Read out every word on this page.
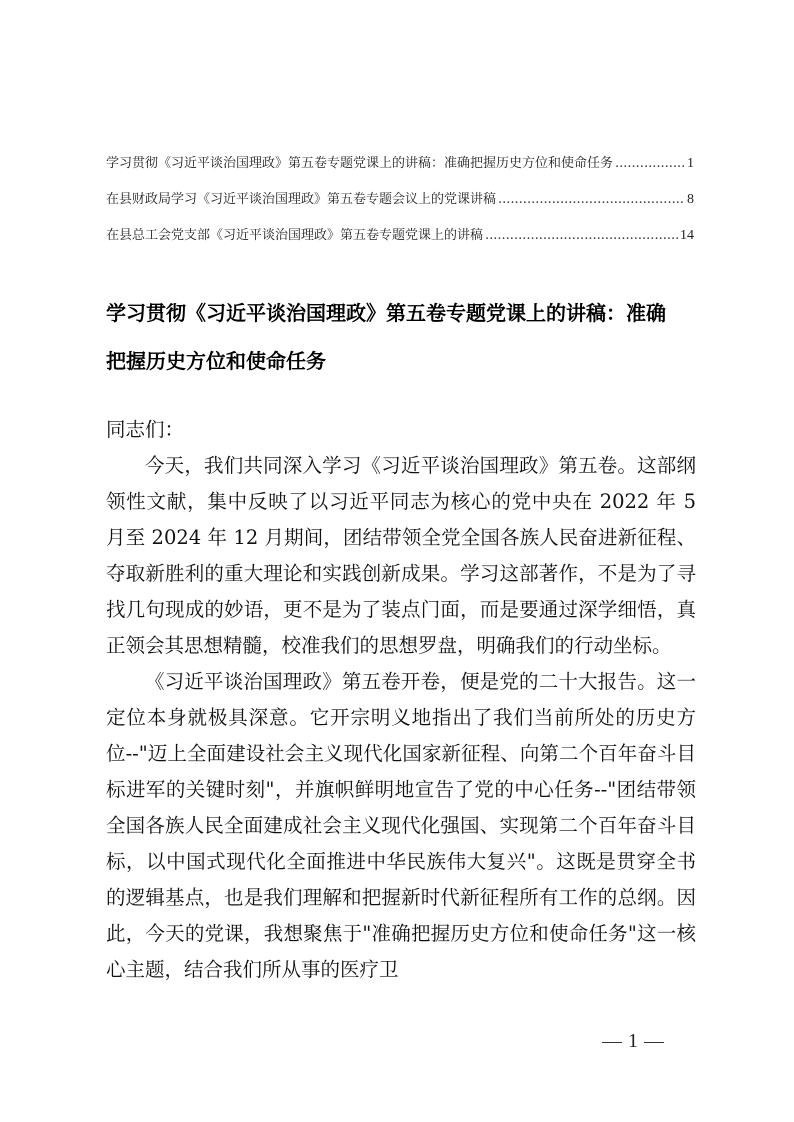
学习贯彻《习近平谈治国理政》第五卷专题党课上的讲稿：准确把握历史方位和使命任务 .....	1
在县财政局学习《习近平谈治国理政》第五卷专题会议上的党课讲稿 .....	8
在县总工会党支部《习近平谈治国理政》第五卷专题党课上的讲稿 .....	14
学习贯彻《习近平谈治国理政》第五卷专题党课上的讲稿：准确
把握历史方位和使命任务
同志们：

今天，我们共同深入学习《习近平谈治国理政》第五卷。这部纲领性文献，集中反映了以习近平同志为核心的党中央在 2022 年 5 月至 2024 年 12 月期间，团结带领全党全国各族人民奋进新征程、夺取新胜利的重大理论和实践创新成果。学习这部著作，不是为了寻找几句现成的妙语，更不是为了装点门面，而是要通过深学细悟，真正领会其思想精髓，校准我们的思想罗盘，明确我们的行动坐标。

《习近平谈治国理政》第五卷开卷，便是党的二十大报告。这一定位本身就极具深意。它开宗明义地指出了我们当前所处的历史方位--"迈上全面建设社会主义现代化国家新征程、向第二个百年奋斗目标进军的关键时刻"，并旗帜鲜明地宣告了党的中心任务--"团结带领全国各族人民全面建成社会主义现代化强国、实现第二个百年奋斗目标，以中国式现代化全面推进中华民族伟大复兴"。这既是贯穿全书的逻辑基点，也是我们理解和把握新时代新征程所有工作的总纲。因此，今天的党课，我想聚焦于"准确把握历史方位和使命任务"这一核心主题，结合我们所从事的医疗卫

1
